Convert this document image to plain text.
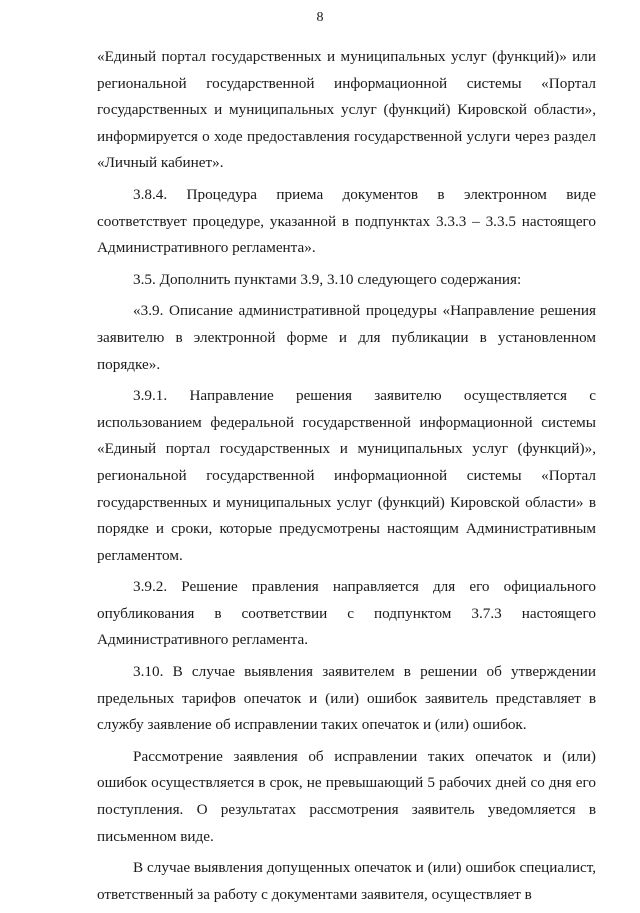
8

«Единый портал государственных и муниципальных услуг (функций)» или региональной государственной информационной системы «Портал государственных и муниципальных услуг (функций) Кировской области», информируется о ходе предоставления государственной услуги через раздел «Личный кабинет».

3.8.4. Процедура приема документов в электронном виде соответствует процедуре, указанной в подпунктах 3.3.3 – 3.3.5 настоящего Административного регламента».

3.5. Дополнить пунктами 3.9, 3.10 следующего содержания:

«3.9. Описание административной процедуры «Направление решения заявителю в электронной форме и для публикации в установленном порядке».

3.9.1. Направление решения заявителю осуществляется с использованием федеральной государственной информационной системы «Единый портал государственных и муниципальных услуг (функций)», региональной государственной информационной системы «Портал государственных и муниципальных услуг (функций) Кировской области» в порядке и сроки, которые предусмотрены настоящим Административным регламентом.

3.9.2. Решение правления направляется для его официального опубликования в соответствии с подпунктом 3.7.3 настоящего Административного регламента.

3.10. В случае выявления заявителем в решении об утверждении предельных тарифов опечаток и (или) ошибок заявитель представляет в службу заявление об исправлении таких опечаток и (или) ошибок.

Рассмотрение заявления об исправлении таких опечаток и (или) ошибок осуществляется в срок, не превышающий 5 рабочих дней со дня его поступления. О результатах рассмотрения заявитель уведомляется в письменном виде.

В случае выявления допущенных опечаток и (или) ошибок специалист, ответственный за работу с документами заявителя, осуществляет в
